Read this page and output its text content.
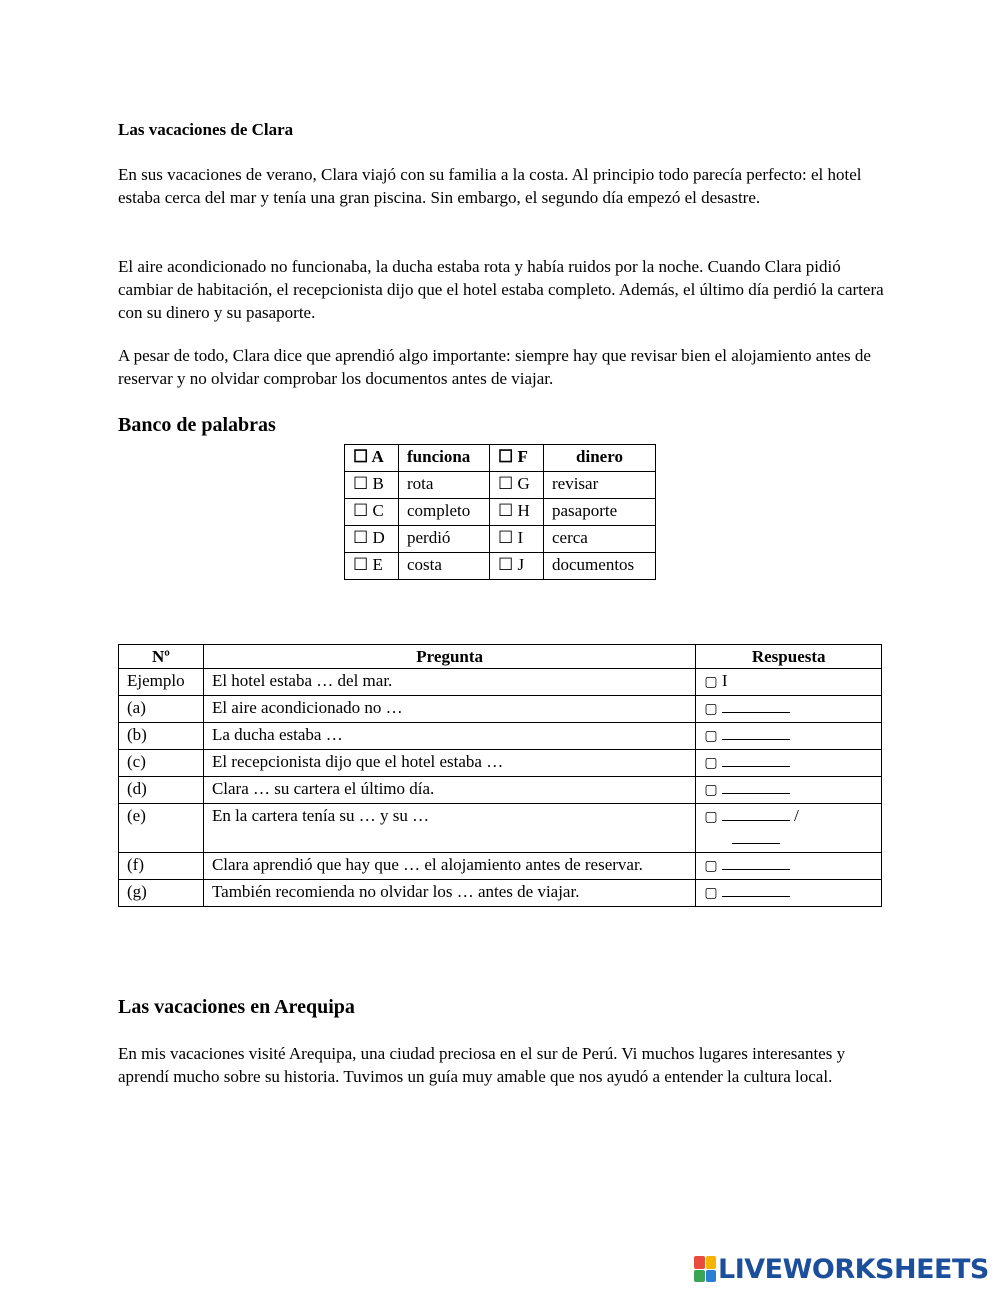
Las vacaciones de Clara

En sus vacaciones de verano, Clara viajó con su familia a la costa. Al principio todo parecía perfecto: el hotel estaba cerca del mar y tenía una gran piscina. Sin embargo, el segundo día empezó el desastre.

El aire acondicionado no funcionaba, la ducha estaba rota y había ruidos por la noche. Cuando Clara pidió cambiar de habitación, el recepcionista dijo que el hotel estaba completo. Además, el último día perdió la cartera con su dinero y su pasaporte.

A pesar de todo, Clara dice que aprendió algo importante: siempre hay que revisar bien el alojamiento antes de reservar y no olvidar comprobar los documentos antes de viajar.

Banco de palabras
☐ A	funciona	☐ F	dinero
☐ B	rota	☐ G	revisar
☐ C	completo	☐ H	pasaporte
☐ D	perdió	☐ I	cerca
☐ E	costa	☐ J	documentos
Nº	Pregunta	Respuesta
Ejemplo	El hotel estaba … del mar.	▢ I
(a)	El aire acondicionado no …	▢
(b)	La ducha estaba …	▢
(c)	El recepcionista dijo que el hotel estaba …	▢
(d)	Clara … su cartera el último día.	▢
(e)	En la cartera tenía su … y su …	▢ /

(f)	Clara aprendió que hay que … el alojamiento antes de reservar.	▢
(g)	También recomienda no olvidar los … antes de viajar.	▢
Las vacaciones en Arequipa

En mis vacaciones visité Arequipa, una ciudad preciosa en el sur de Perú. Vi muchos lugares interesantes y aprendí mucho sobre su historia. Tuvimos un guía muy amable que nos ayudó a entender la cultura local.

LIVEWORKSHEETS
